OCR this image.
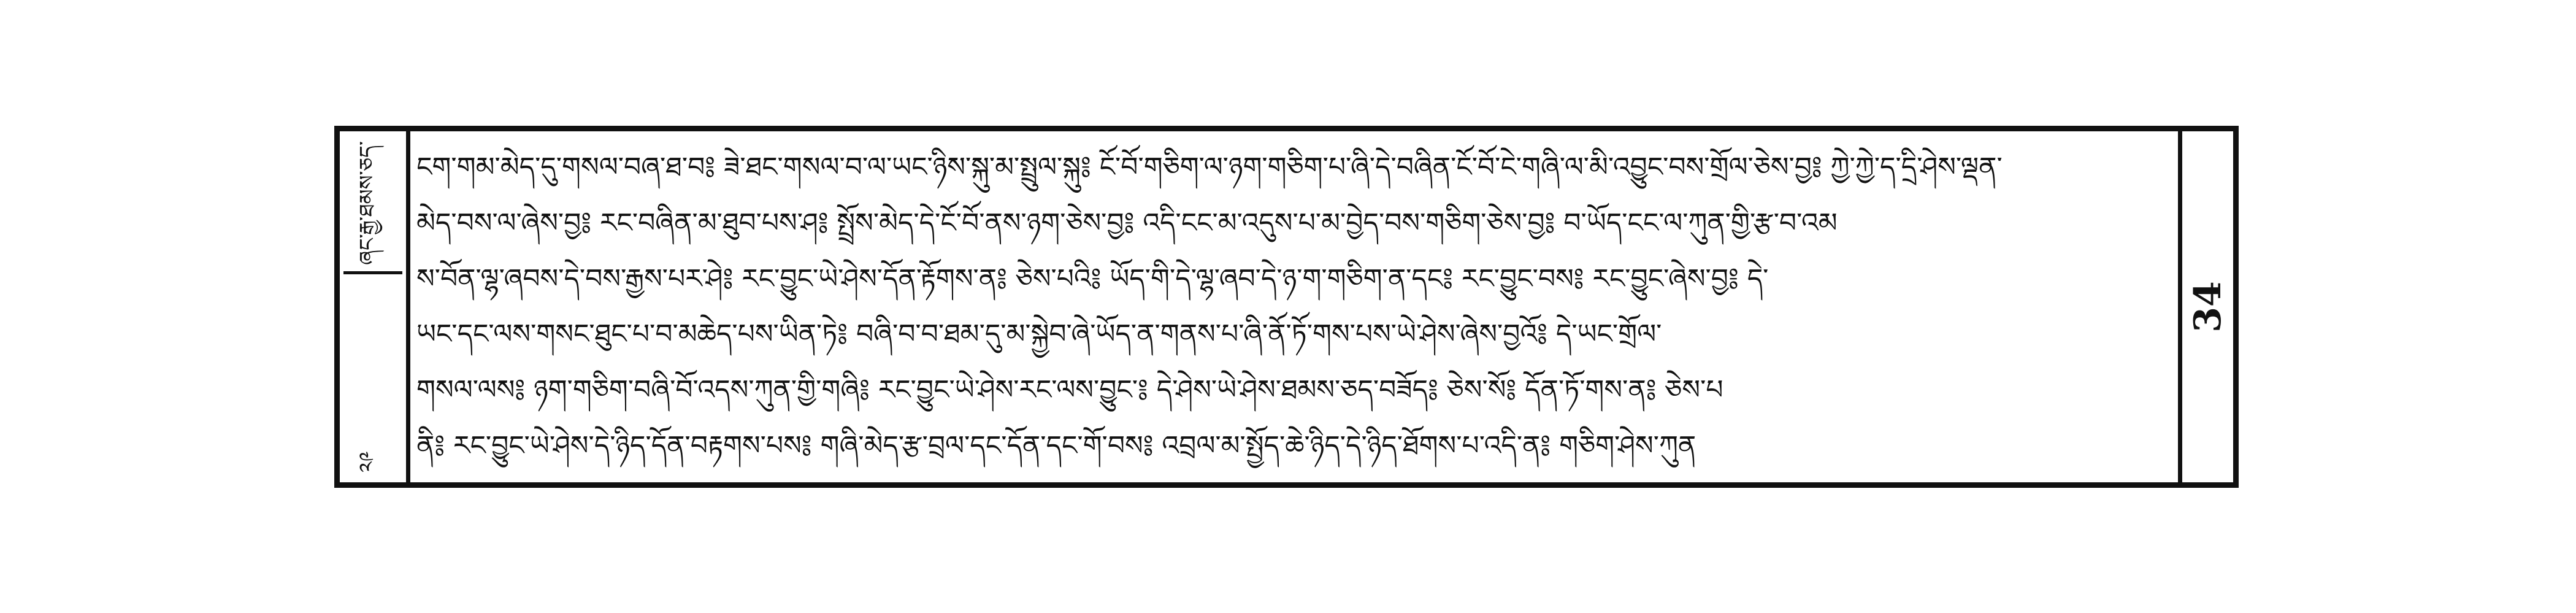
༢༩
ཞང་རྒྱ་ཐམས་ཅད་	ངག་གམ་མེད་དུ་གསལ་བཞ་ཐ་བ༔ ཟེ་ཐང་གསལ་བ་ལ་ཡང་ཉིས་སྐུ་མ་སྤྲུལ་སྐུ༔ ངོ་བོ་གཅིག་ལ་ཉག་གཅིག་པ་ཞི་དེ་བཞིན་ངོ་བོ་ངེ་གཞི་ལ་མི་འབྱུང་བས་གྲོལ་ཅེས་བྱ༔ ཀྱེ་ཀྱེ་ད་དྲི་ཤེས་ལྡན་
མེད་བས་ལ་ཞེས་བྱ༔ རང་བཞིན་མ་ཐུབ་པས་ཤ༔ སྤྲོས་མེད་དེ་ངོ་བོ་ནས་ཉག་ཅེས་བྱ༔ འདི་ངང་མ་འདུས་པ་མ་བྱེད་བས་གཅིག་ཅེས་བྱ༔ བ་ཡོད་ངང་ལ་ཀུན་གྱི་རྩ་བ་འམ
ས་བོན་ལྷ་ཞབས་དེ་བས་རྒྱས་པར་ཤེ༔ རང་བྱུང་ཡེ་ཤེས་དོན་རྟོགས་ན༔ ཅེས་པའི༔ ཡོད་གི་དེ་ལྷ་ཞབ་དེ་ཉ་ག་གཅིག་ན་དང༔ རང་བྱུང་བས༔ རང་བྱུང་ཞེས་བྱ༔ དེ་
ཡང་དང་ལས་གསང་ཐུང་པ་བ་མཆེད་པས་ཡིན་ཏེ༔ བཞི་བ་བ་ཐམ་དུ་མ་སྐྱེབ་ཞེ་ཡོད་ན་གནས་པ་ཞི་ནོ་ཏོ་གས་པས་ཡེ་ཤེས་ཞེས་བྱའོ༔ དེ་ཡང་གྲོལ་
གསལ་ལས༔ ཉག་གཅིག་བཞི་བོ་འདས་ཀུན་གྱི་གཞི༔ རང་བྱུང་ཡེ་ཤེས་རང་ལས་བྱུང་༔ དེ་ཤེས་ཡེ་ཤེས་ཐམས་ཅད་བཟོད༔ ཅེས་སོ༔ དོན་ཏོ་གས་ན༔ ཅེས་པ
ནི༔ རང་བྱུང་ཡེ་ཤེས་དེ་ཉིད་དོན་བརྟགས་པས༔ གཞི་མེད་རྩ་བྲལ་དང་དོན་དང་གོ་བས༔ འབྲལ་མ་སྤྱོད་ཆེ་ཉིད་དེ་ཉིད་ཐོགས་པ་འདི་ན༔ གཅིག་ཤེས་ཀུན
34
